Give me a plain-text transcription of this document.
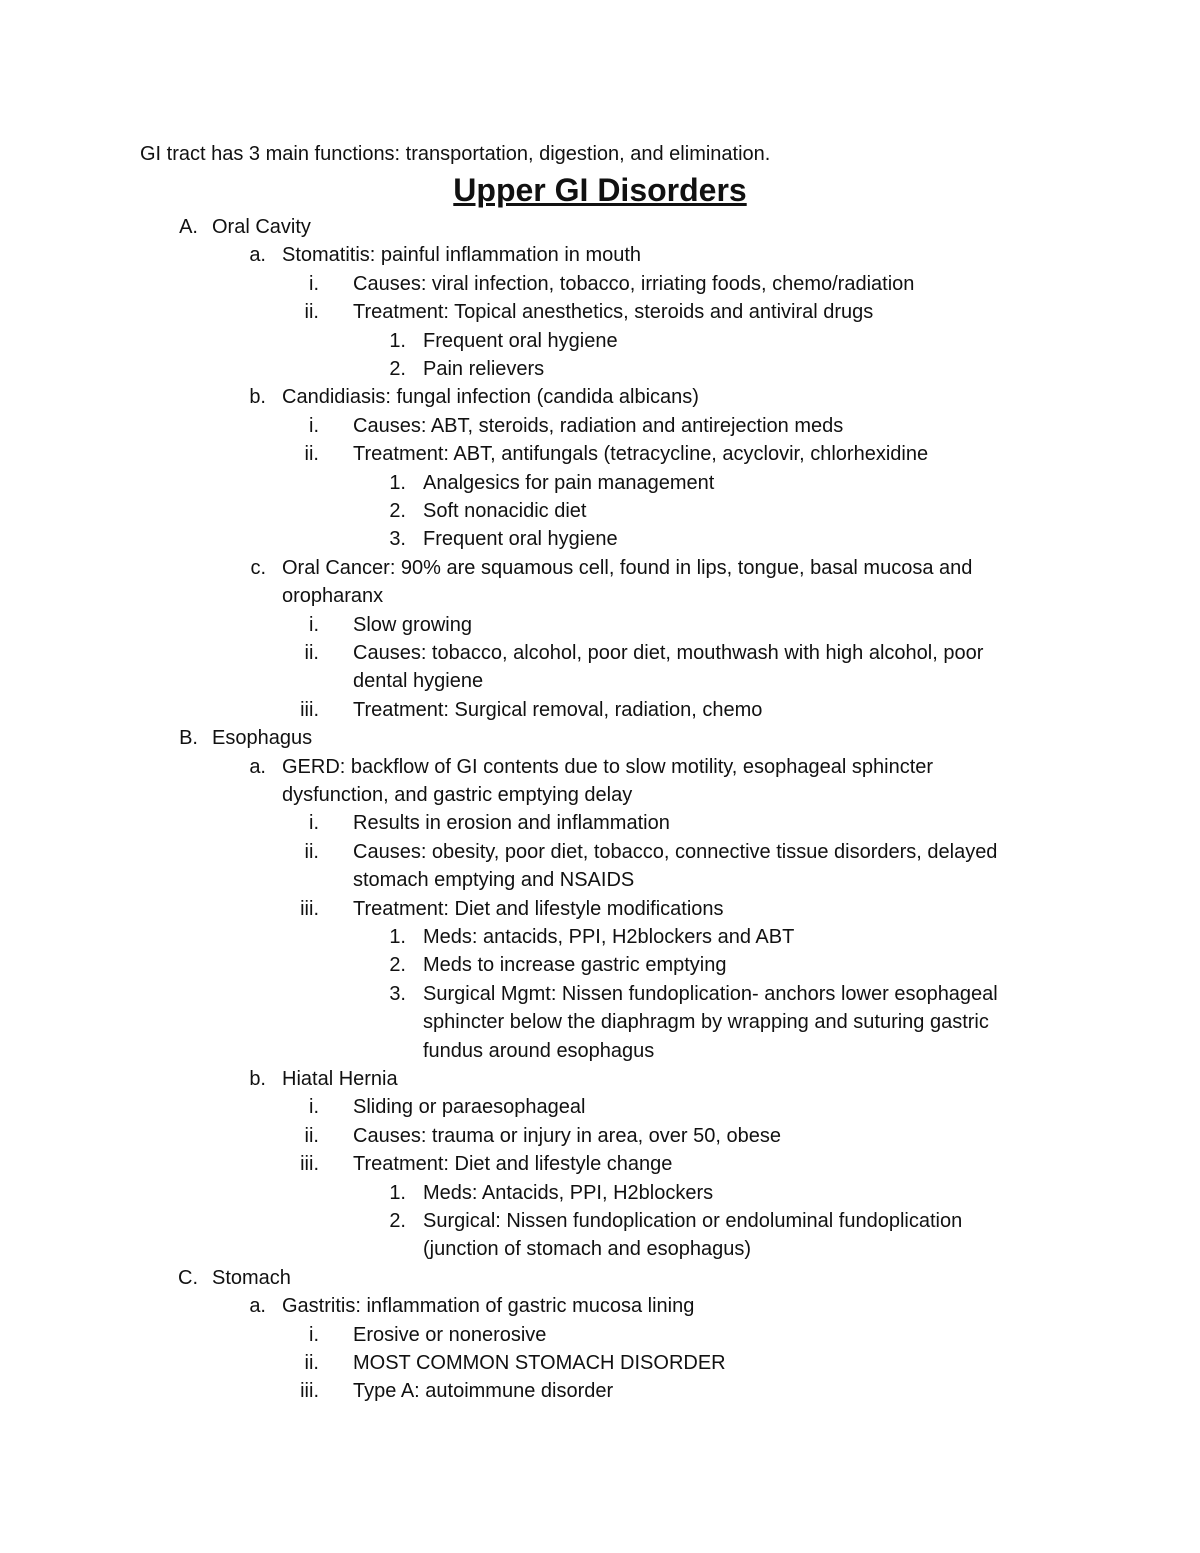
GI tract has 3 main functions: transportation, digestion, and elimination.
Upper GI Disorders
A. Oral Cavity
a. Stomatitis: painful inflammation in mouth
i. Causes: viral infection, tobacco, irriating foods, chemo/radiation
ii. Treatment: Topical anesthetics, steroids and antiviral drugs
1. Frequent oral hygiene
2. Pain relievers
b. Candidiasis: fungal infection (candida albicans)
i. Causes: ABT, steroids, radiation and antirejection meds
ii. Treatment: ABT, antifungals (tetracycline, acyclovir, chlorhexidine
1. Analgesics for pain management
2. Soft nonacidic diet
3. Frequent oral hygiene
c. Oral Cancer: 90% are squamous cell, found in lips, tongue, basal mucosa and
oropharanx
i. Slow growing
ii. Causes: tobacco, alcohol, poor diet, mouthwash with high alcohol, poor
dental hygiene
iii. Treatment: Surgical removal, radiation, chemo
B. Esophagus
a. GERD: backflow of GI contents due to slow motility, esophageal sphincter
dysfunction, and gastric emptying delay
i. Results in erosion and inflammation
ii. Causes: obesity, poor diet, tobacco, connective tissue disorders, delayed
stomach emptying and NSAIDS
iii. Treatment: Diet and lifestyle modifications
1. Meds: antacids, PPI, H2blockers and ABT
2. Meds to increase gastric emptying
3. Surgical Mgmt: Nissen fundoplication- anchors lower esophageal
sphincter below the diaphragm by wrapping and suturing gastric
fundus around esophagus
b. Hiatal Hernia
i. Sliding or paraesophageal
ii. Causes: trauma or injury in area, over 50, obese
iii. Treatment: Diet and lifestyle change
1. Meds: Antacids, PPI, H2blockers
2. Surgical: Nissen fundoplication or endoluminal fundoplication
(junction of stomach and esophagus)
C. Stomach
a. Gastritis: inflammation of gastric mucosa lining
i. Erosive or nonerosive
ii. MOST COMMON STOMACH DISORDER
iii. Type A: autoimmune disorder
